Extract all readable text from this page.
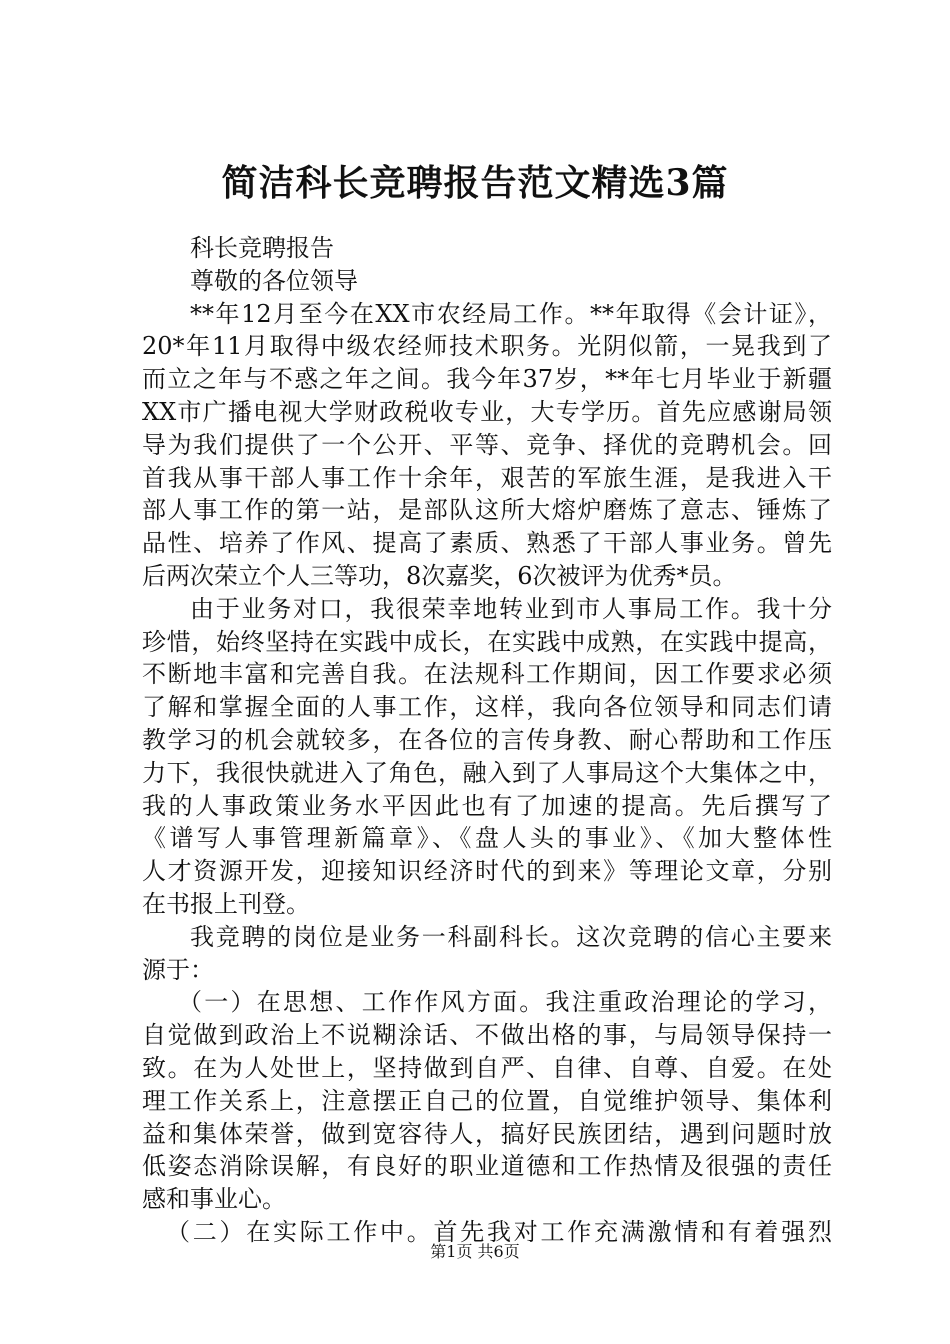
简洁科长竞聘报告范文精选3篇
科长竞聘报告
尊敬的各位领导
**年12月至今在XX市农经局工作。**年取得《会计证》，
20*年11月取得中级农经师技术职务。光阴似箭，一晃我到了
而立之年与不惑之年之间。我今年37岁，**年七月毕业于新疆
XX市广播电视大学财政税收专业，大专学历。首先应感谢局领
导为我们提供了一个公开、平等、竞争、择优的竞聘机会。回
首我从事干部人事工作十余年，艰苦的军旅生涯，是我进入干
部人事工作的第一站，是部队这所大熔炉磨炼了意志、锤炼了
品性、培养了作风、提高了素质、熟悉了干部人事业务。曾先
后两次荣立个人三等功，8次嘉奖，6次被评为优秀*员。
由于业务对口，我很荣幸地转业到市人事局工作。我十分
珍惜，始终坚持在实践中成长，在实践中成熟，在实践中提高，
不断地丰富和完善自我。在法规科工作期间，因工作要求必须
了解和掌握全面的人事工作，这样，我向各位领导和同志们请
教学习的机会就较多，在各位的言传身教、耐心帮助和工作压
力下，我很快就进入了角色，融入到了人事局这个大集体之中，
我的人事政策业务水平因此也有了加速的提高。先后撰写了
《谱写人事管理新篇章》、《盘人头的事业》、《加大整体性
人才资源开发，迎接知识经济时代的到来》等理论文章，分别
在书报上刊登。
我竞聘的岗位是业务一科副科长。这次竞聘的信心主要来
源于：
（一）在思想、工作作风方面。我注重政治理论的学习，
自觉做到政治上不说糊涂话、不做出格的事，与局领导保持一
致。在为人处世上，坚持做到自严、自律、自尊、自爱。在处
理工作关系上，注意摆正自己的位置，自觉维护领导、集体利
益和集体荣誉，做到宽容待人，搞好民族团结，遇到问题时放
低姿态消除误解，有良好的职业道德和工作热情及很强的责任
感和事业心。
（二）在实际工作中。首先我对工作充满激情和有着强烈
第1页 共6页
